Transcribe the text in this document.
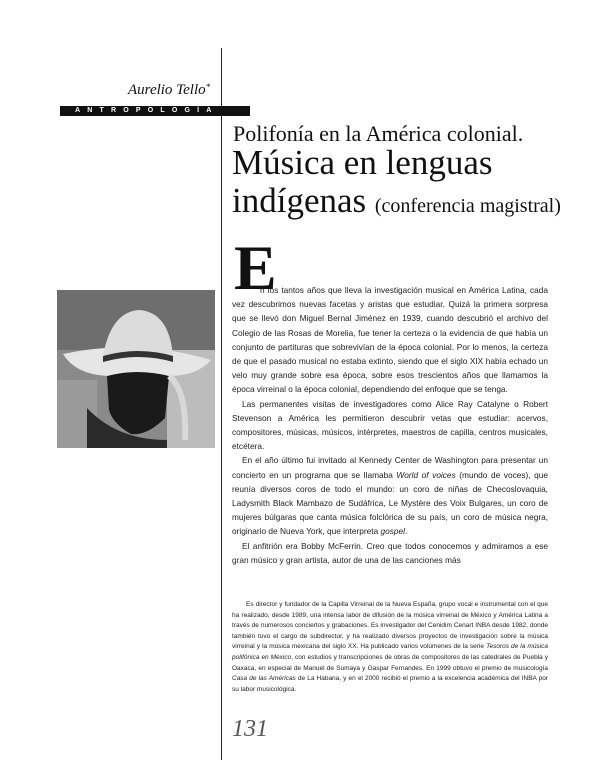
Aurelio Tello*
ANTROPOLOGÍA
Polifonía en la América colonial.
Música en lenguas
indígenas (conferencia magistral)
E

n los tantos años que lleva la investigación musical en América Latina, cada vez descubrimos nuevas facetas y aristas que estudiar. Quizá la primera sorpresa que se llevó don Miguel Bernal Jiménez en 1939, cuando descubrió el archivo del Colegio de las Rosas de Morelia, fue tener la certeza o la evidencia de que había un conjunto de partituras que sobrevivían de la época colonial. Por lo menos, la certeza de que el pasado musical no estaba extinto, siendo que el siglo XIX había echado un velo muy grande sobre esa época, sobre esos trescientos años que llamamos la época virreinal o la época colonial, dependiendo del enfoque que se tenga.

Las permanentes visitas de investigadores como Alice Ray Catalyne o Robert Stevenson a América les permitieron descubrir vetas que estudiar: acervos, compositores, músicas, músicos, intérpretes, maestros de capilla, centros musicales, etcétera.

En el año último fui invitado al Kennedy Center de Washington para presentar un concierto en un programa que se llamaba World of voices (mundo de voces), que reunía diversos coros de todo el mundo: un coro de niñas de Checoslovaquia, Ladysmith Black Mambazo de Sudáfrica, Le Mystère des Voix Bulgares, un coro de mujeres búlgaras que canta música folclórica de su país, un coro de música negra, originario de Nueva York, que interpreta gospel.

El anfitrión era Bobby McFerrin. Creo que todos conocemos y admiramos a ese gran músico y gran artista, autor de una de las canciones más

Es director y fundador de la Capilla Virreinal de la Nueva España, grupo vocal e instrumental con el que ha realizado, desde 1989, una intensa labor de difusión de la música virreinal de México y América Latina a través de numerosos conciertos y grabaciones. Es investigador del Cenidim Cenart INBA desde 1982, donde también tuvo el cargo de subdirector, y ha realizado diversos proyectos de investigación sobre la música virreinal y la música mexicana del siglo XX. Ha publicado varios volúmenes de la serie Tesoros de la música polifónica en México, con estudios y transcripciones de obras de compositores de las catedrales de Puebla y Oaxaca, en especial de Manuel de Sumaya y Gaspar Fernandes. En 1999 obtuvo el premio de musicología Casa de las Américas de La Habana, y en el 2000 recibió el premio a la excelencia académica del INBA por su labor musicológica.
131
